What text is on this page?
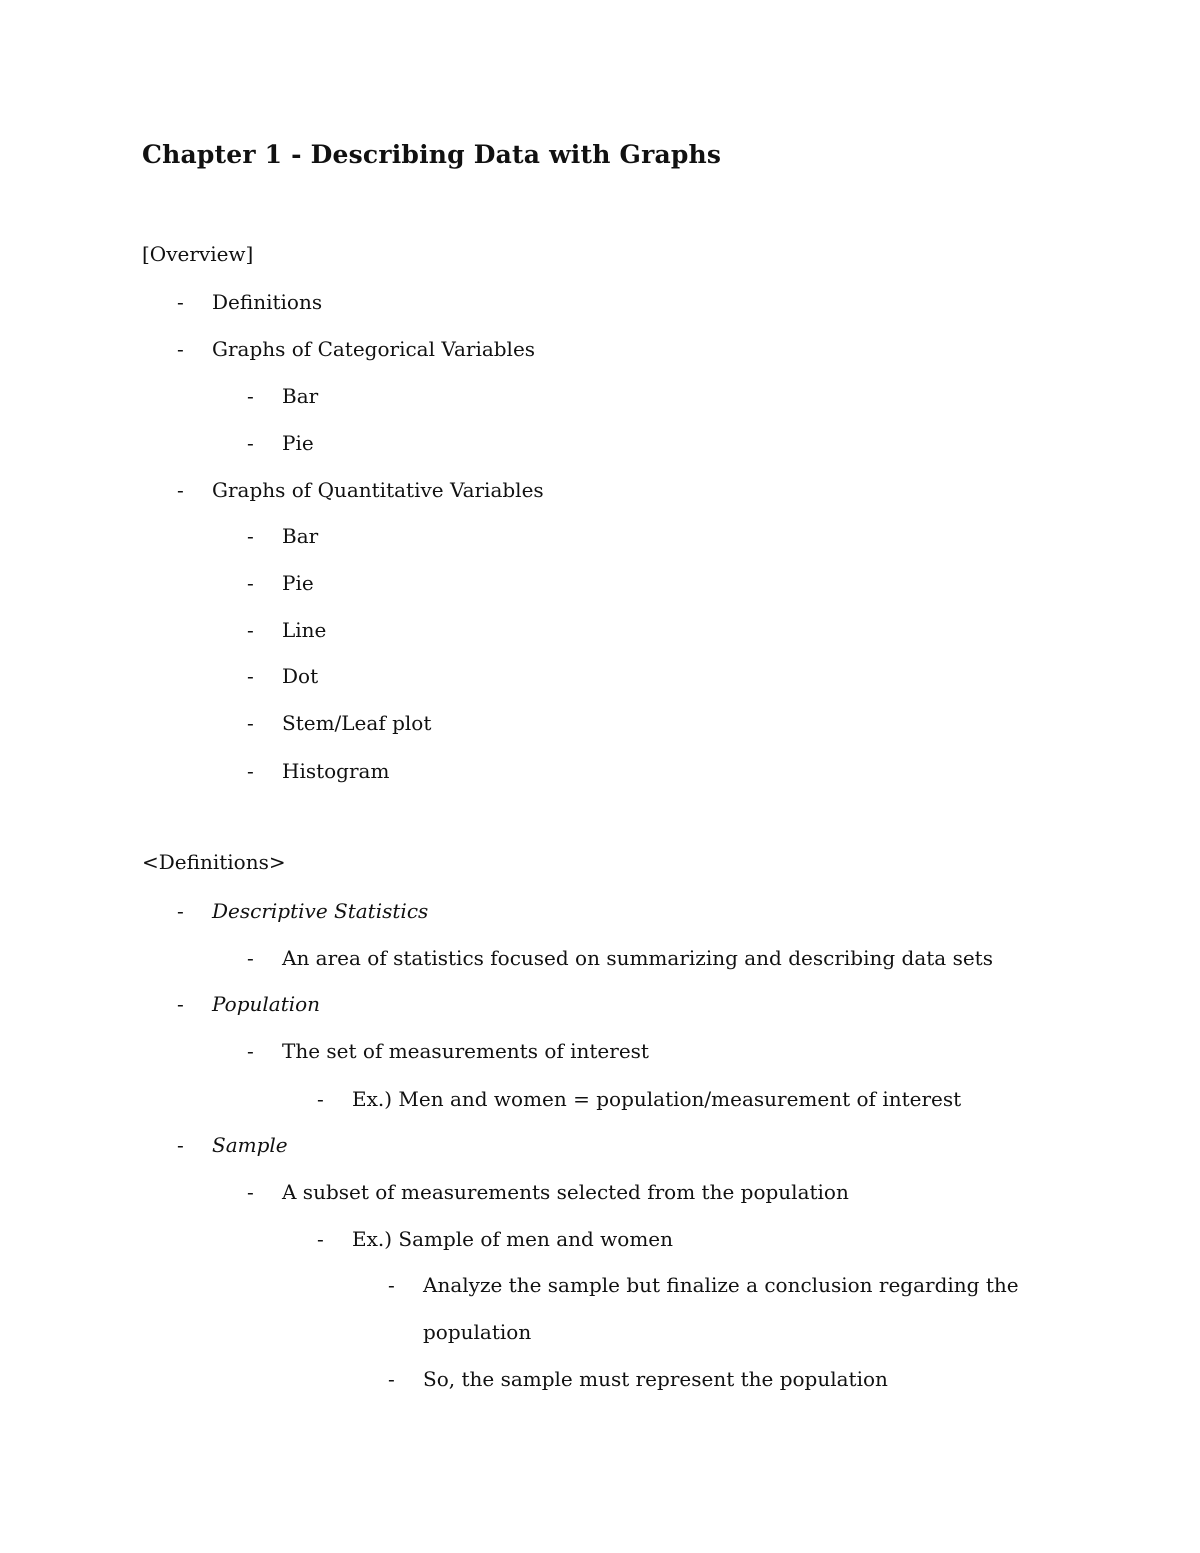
Chapter 1 - Describing Data with Graphs
[Overview]
- Definitions
- Graphs of Categorical Variables
- Bar
- Pie
- Graphs of Quantitative Variables
- Bar
- Pie
- Line
- Dot
- Stem/Leaf plot
- Histogram
<Definitions>
- Descriptive Statistics
- An area of statistics focused on summarizing and describing data sets
- Population
- The set of measurements of interest
- Ex.) Men and women = population/measurement of interest
- Sample
- A subset of measurements selected from the population
- Ex.) Sample of men and women
- Analyze the sample but finalize a conclusion regarding the
population
- So, the sample must represent the population
